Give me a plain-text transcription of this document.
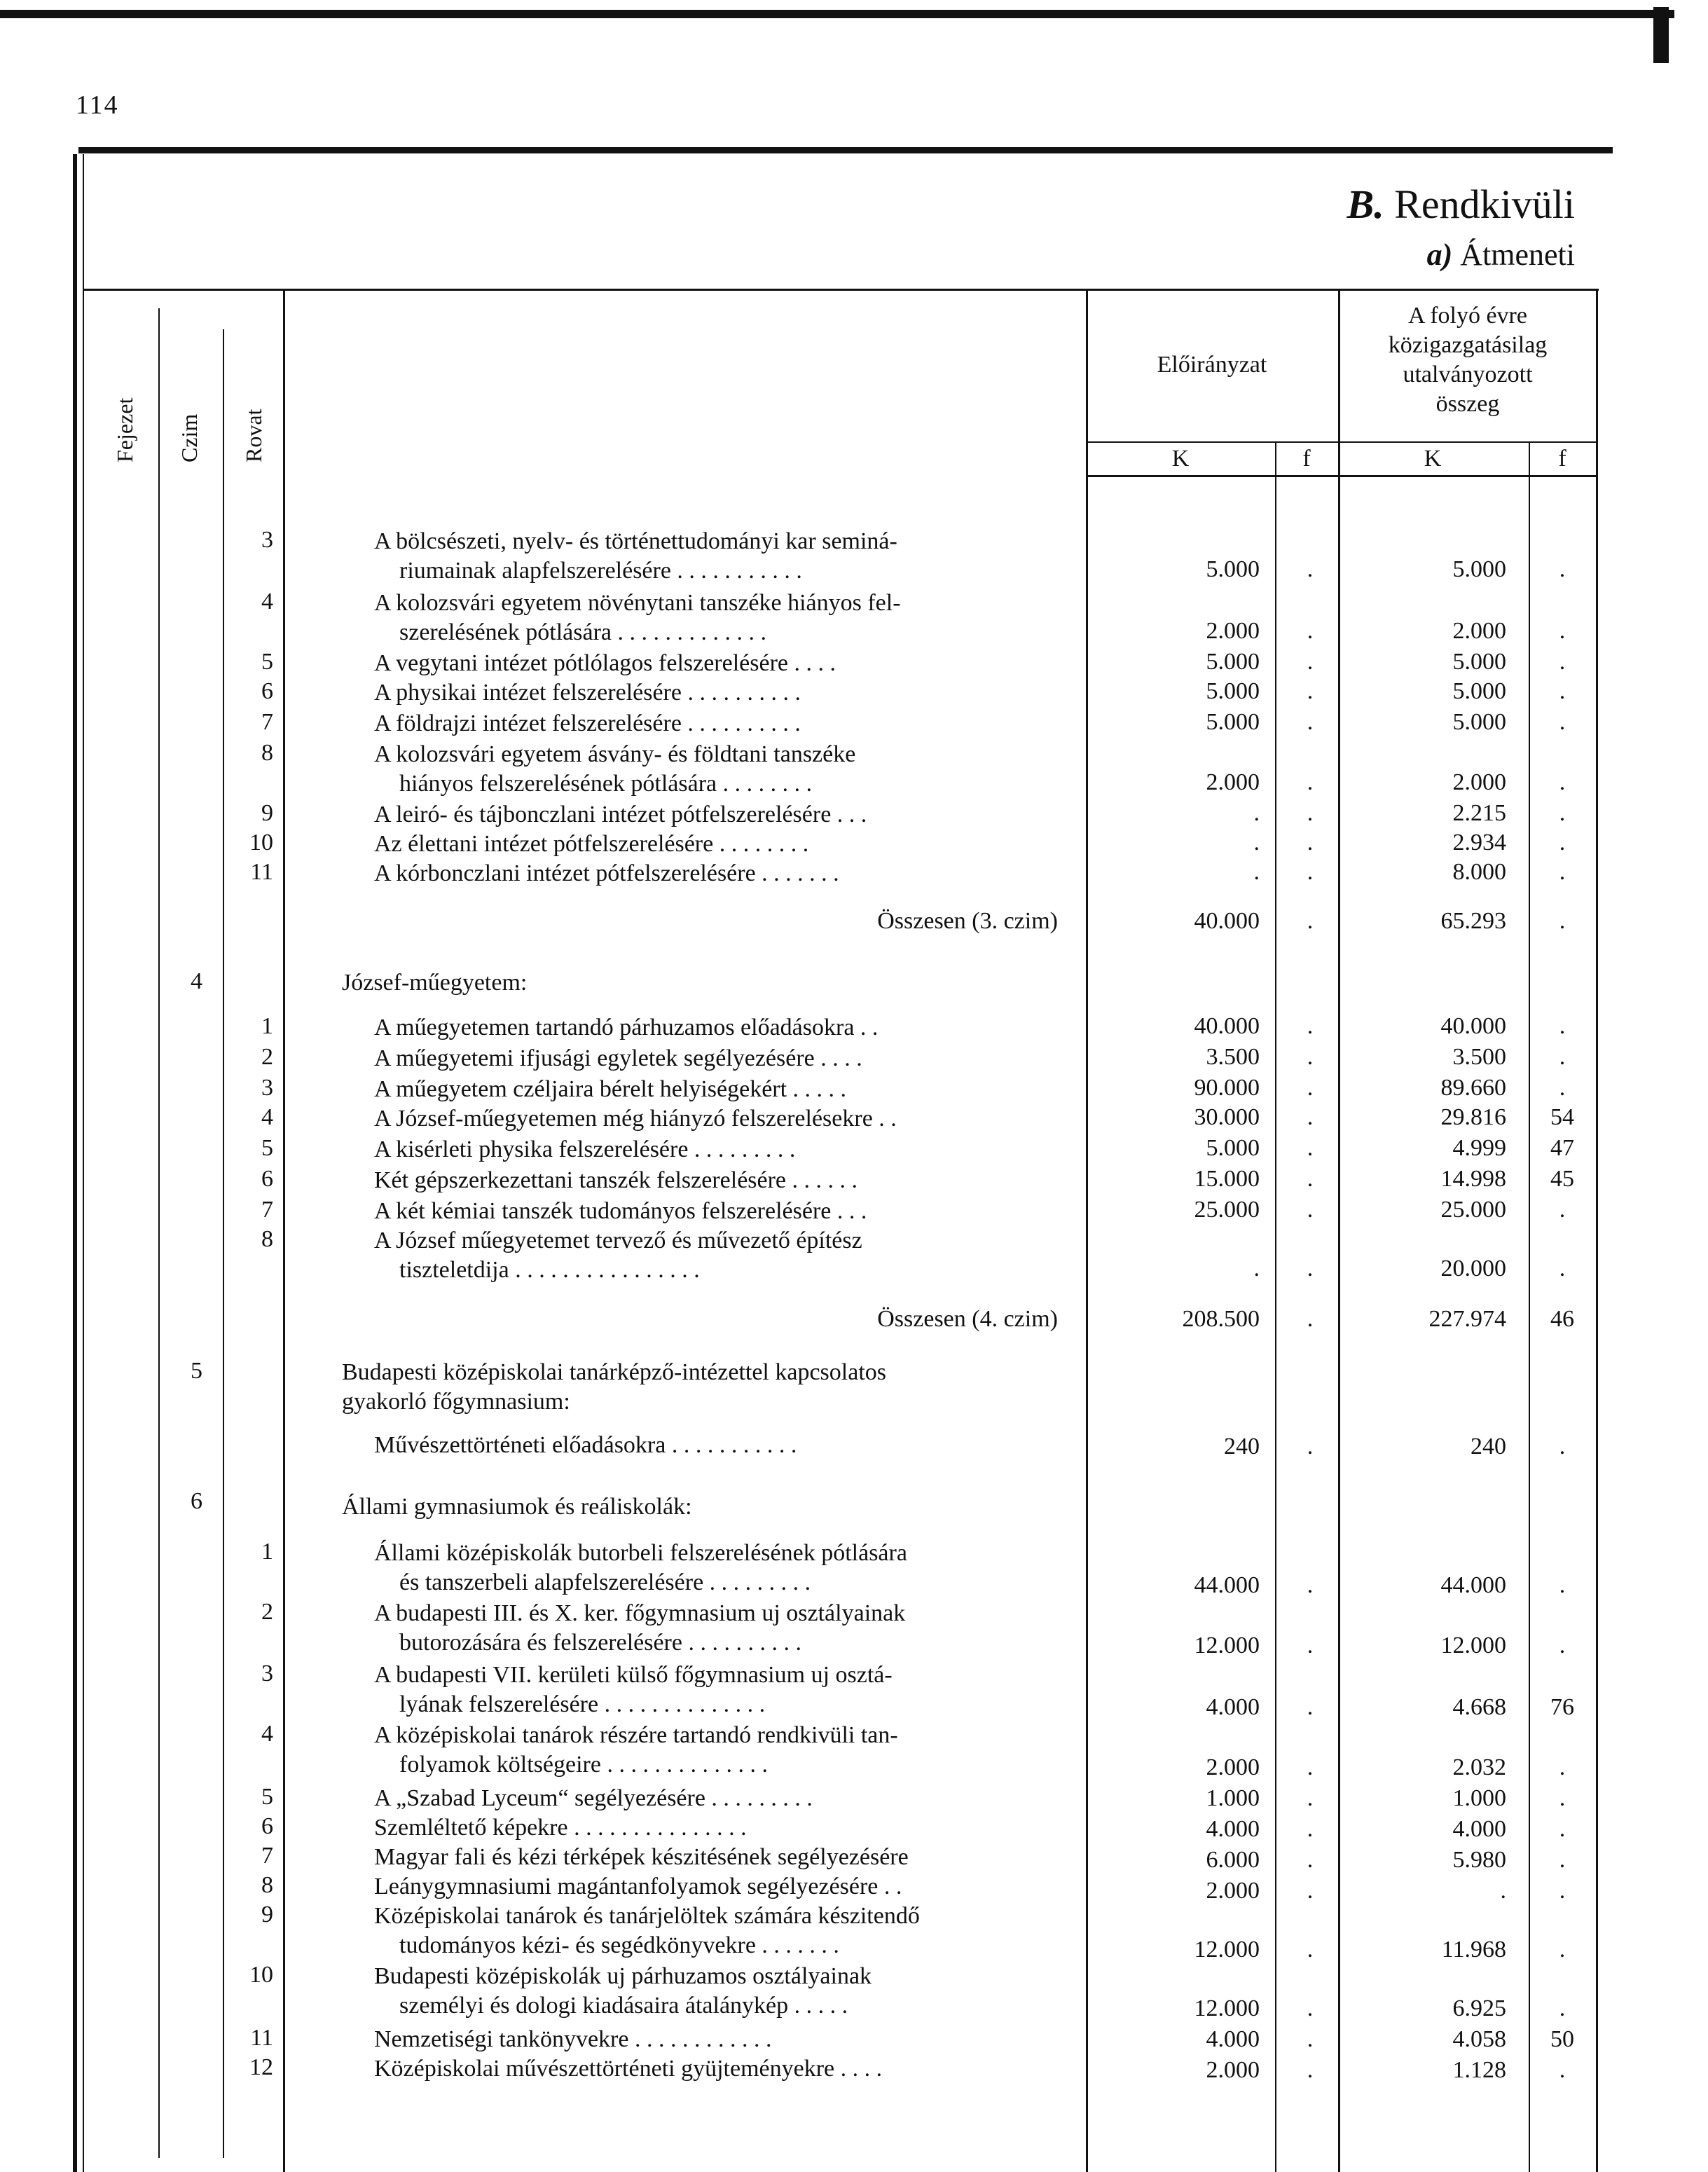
114
B. Rendkivüli
a) Átmeneti
Fejezet Czim Rovat
Előirányzat
A folyó évre
közigazgatásilag
utalványozott
összeg
K	f	K	f
3	A bölcsészeti, nyelv- és történettudományi kar seminá-
riumainak alapfelszerelésére . . . . . . . . . . .	5.000	.	5.000	.
4	A kolozsvári egyetem növénytani tanszéke hiányos fel-
szerelésének pótlására . . . . . . . . . . . . .	2.000	.	2.000	.
5	A vegytani intézet pótlólagos felszerelésére . . . .	5.000	.	5.000	.
6	A physikai intézet felszerelésére . . . . . . . . . .	5.000	.	5.000	.
7	A földrajzi intézet felszerelésére . . . . . . . . . .	5.000	.	5.000	.
8	A kolozsvári egyetem ásvány- és földtani tanszéke
hiányos felszerelésének pótlására . . . . . . . .	2.000	.	2.000	.
9	A leiró- és tájbonczlani intézet pótfelszerelésére . . .	.	.	2.215	.
10	Az élettani intézet pótfelszerelésére . . . . . . . .	.	.	2.934	.
11	A kórbonczlani intézet pótfelszerelésére . . . . . . .	.	.	8.000	.
Összesen (3. czim)	40.000	.	65.293	.
4	József-műegyetem:
1	A műegyetemen tartandó párhuzamos előadásokra . .	40.000	.	40.000	.
2	A műegyetemi ifjusági egyletek segélyezésére . . . .	3.500	.	3.500	.
3	A műegyetem czéljaira bérelt helyiségekért . . . . .	90.000	.	89.660	.
4	A József-műegyetemen még hiányzó felszerelésekre . .	30.000	.	29.816	54
5	A kisérleti physika felszerelésére . . . . . . . . .	5.000	.	4.999	47
6	Két gépszerkezettani tanszék felszerelésére . . . . . .	15.000	.	14.998	45
7	A két kémiai tanszék tudományos felszerelésére . . .	25.000	.	25.000	.
8	A József műegyetemet tervező és művezető építész
tiszteletdija . . . . . . . . . . . . . . . .	.	.	20.000	.
Összesen (4. czim)	208.500	.	227.974	46
5	Budapesti középiskolai tanárképző-intézettel kapcsolatos
gyakorló főgymnasium:
Művészettörténeti előadásokra . . . . . . . . . . .	240	.	240	.
6	Állami gymnasiumok és reáliskolák:
1	Állami középiskolák butorbeli felszerelésének pótlására
és tanszerbeli alapfelszerelésére . . . . . . . . .	44.000	.	44.000	.
2	A budapesti III. és X. ker. főgymnasium uj osztályainak
butorozására és felszerelésére . . . . . . . . . .	12.000	.	12.000	.
3	A budapesti VII. kerületi külső főgymnasium uj osztá-
lyának felszerelésére . . . . . . . . . . . . . .	4.000	.	4.668	76
4	A középiskolai tanárok részére tartandó rendkivüli tan-
folyamok költségeire . . . . . . . . . . . . . .	2.000	.	2.032	.
5	A „Szabad Lyceum“ segélyezésére . . . . . . . . .	1.000	.	1.000	.
6	Szemléltető képekre . . . . . . . . . . . . . . .	4.000	.	4.000	.
7	Magyar fali és kézi térképek készitésének segélyezésére	6.000	.	5.980	.
8	Leánygymnasiumi magántanfolyamok segélyezésére . .	2.000	.	.	.
9	Középiskolai tanárok és tanárjelöltek számára készitendő
tudományos kézi- és segédkönyvekre . . . . . . .	12.000	.	11.968	.
10	Budapesti középiskolák uj párhuzamos osztályainak
személyi és dologi kiadásaira átalánykép . . . . .	12.000	.	6.925	.
11	Nemzetiségi tankönyvekre . . . . . . . . . . . .	4.000	.	4.058	50
12	Középiskolai művészettörténeti gyüjteményekre . . . .	2.000	.	1.128	.
